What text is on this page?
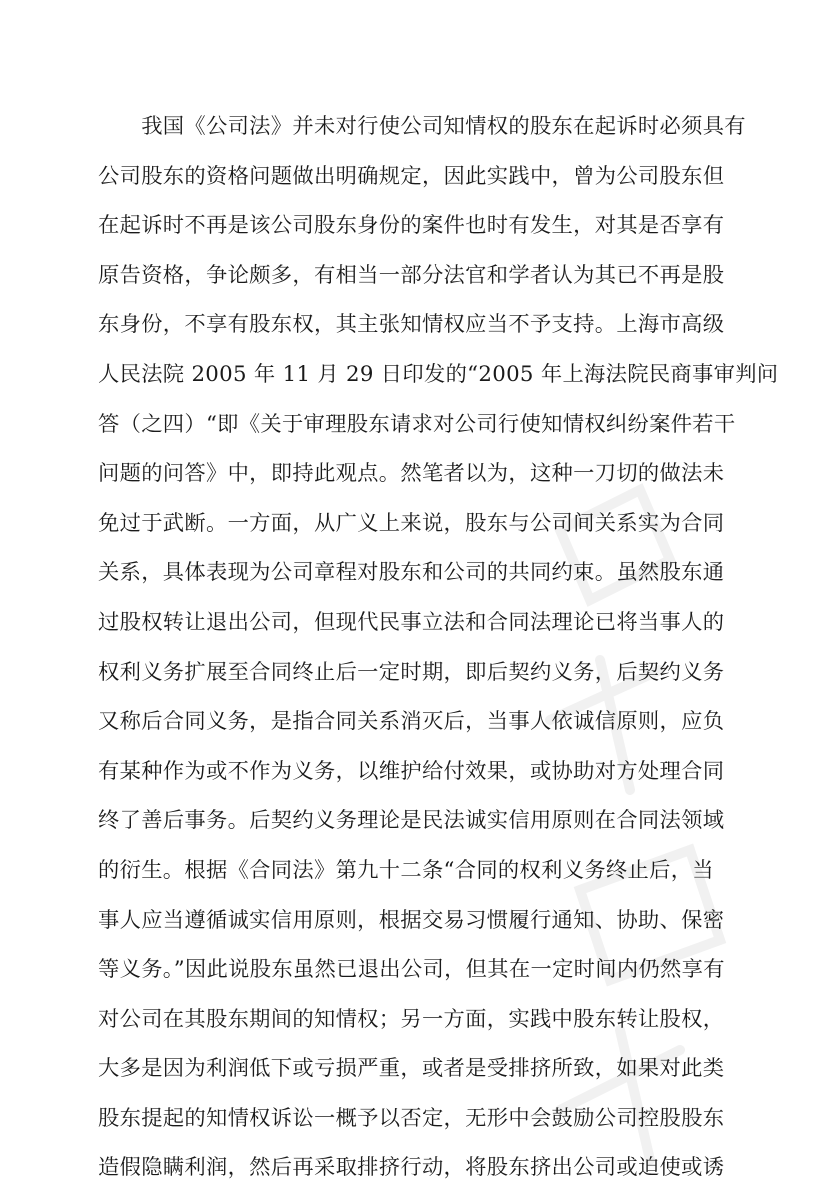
　　我国《公司法》并未对行使公司知情权的股东在起诉时必须具有
公司股东的资格问题做出明确规定，因此实践中，曾为公司股东但
在起诉时不再是该公司股东身份的案件也时有发生，对其是否享有
原告资格，争论颇多，有相当一部分法官和学者认为其已不再是股
东身份，不享有股东权，其主张知情权应当不予支持。上海市高级
人民法院 2005 年 11 月 29 日印发的“2005 年上海法院民商事审判问
答（之四）“即《关于审理股东请求对公司行使知情权纠纷案件若干
问题的问答》中，即持此观点。然笔者以为，这种一刀切的做法未
免过于武断。一方面，从广义上来说，股东与公司间关系实为合同
关系，具体表现为公司章程对股东和公司的共同约束。虽然股东通
过股权转让退出公司，但现代民事立法和合同法理论已将当事人的
权利义务扩展至合同终止后一定时期，即后契约义务，后契约义务
又称后合同义务，是指合同关系消灭后，当事人依诚信原则，应负
有某种作为或不作为义务，以维护给付效果，或协助对方处理合同
终了善后事务。后契约义务理论是民法诚实信用原则在合同法领域
的衍生。根据《合同法》第九十二条“合同的权利义务终止后，当
事人应当遵循诚实信用原则，根据交易习惯履行通知、协助、保密
等义务。”因此说股东虽然已退出公司，但其在一定时间内仍然享有
对公司在其股东期间的知情权；另一方面，实践中股东转让股权，
大多是因为利润低下或亏损严重，或者是受排挤所致，如果对此类
股东提起的知情权诉讼一概予以否定，无形中会鼓励公司控股股东
造假隐瞒利润，然后再采取排挤行动，将股东挤出公司或迫使或诱
